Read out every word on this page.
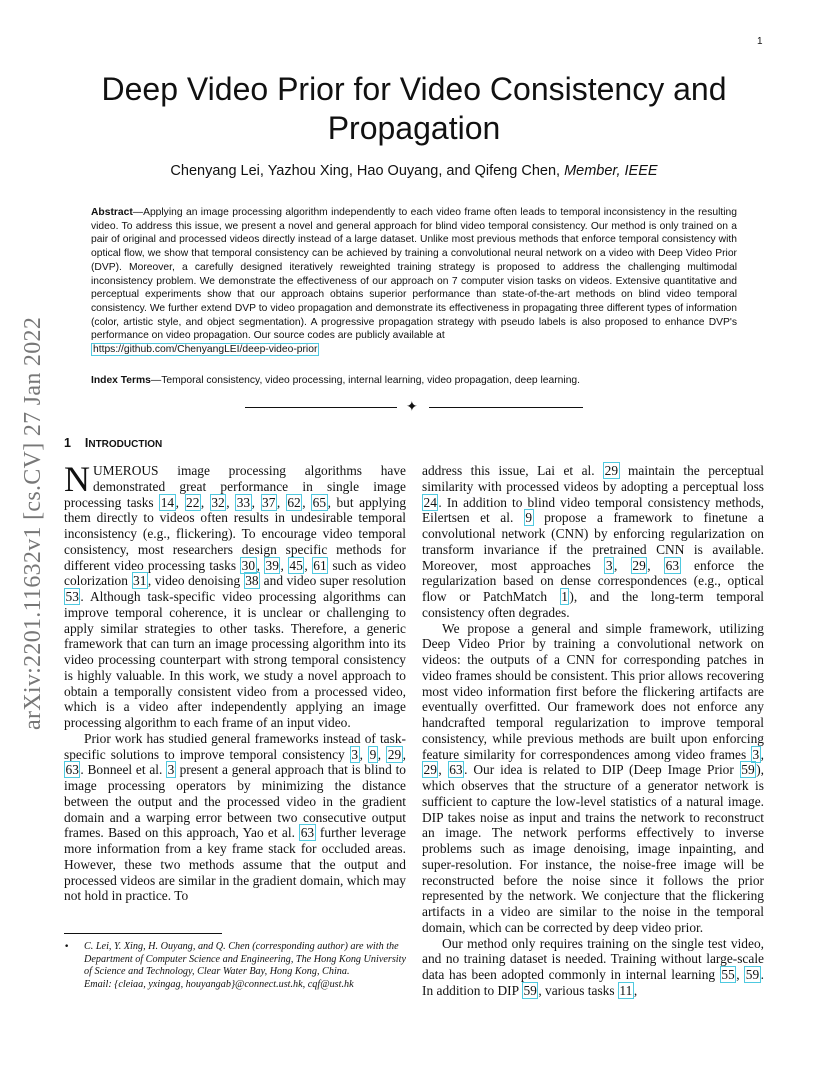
1
arXiv:2201.11632v1 [cs.CV] 27 Jan 2022
Deep Video Prior for Video Consistency and Propagation
Chenyang Lei, Yazhou Xing, Hao Ouyang, and Qifeng Chen, Member, IEEE
Abstract—Applying an image processing algorithm independently to each video frame often leads to temporal inconsistency in the resulting video. To address this issue, we present a novel and general approach for blind video temporal consistency. Our method is only trained on a pair of original and processed videos directly instead of a large dataset. Unlike most previous methods that enforce temporal consistency with optical flow, we show that temporal consistency can be achieved by training a convolutional neural network on a video with Deep Video Prior (DVP). Moreover, a carefully designed iteratively reweighted training strategy is proposed to address the challenging multimodal inconsistency problem. We demonstrate the effectiveness of our approach on 7 computer vision tasks on videos. Extensive quantitative and perceptual experiments show that our approach obtains superior performance than state-of-the-art methods on blind video temporal consistency. We further extend DVP to video propagation and demonstrate its effectiveness in propagating three different types of information (color, artistic style, and object segmentation). A progressive propagation strategy with pseudo labels is also proposed to enhance DVP's performance on video propagation. Our source codes are publicly available at
https://github.com/ChenyangLEI/deep-video-prior
Index Terms—Temporal consistency, video processing, internal learning, video propagation, deep learning.
✦
1 INTRODUCTION

NUMEROUS image processing algorithms have demonstrated great performance in single image processing tasks 14 , 22 , 32 , 33 , 37 , 62 , 65 , but applying them directly to videos often results in undesirable temporal inconsistency (e.g., flickering). To encourage video temporal consistency, most researchers design specific methods for different video processing tasks 30 , 39 , 45 , 61 such as video colorization 31 , video denoising 38 and video super resolution 53 . Although task-specific video processing algorithms can improve temporal coherence, it is unclear or challenging to apply similar strategies to other tasks. Therefore, a generic framework that can turn an image processing algorithm into its video processing counterpart with strong temporal consistency is highly valuable. In this work, we study a novel approach to obtain a temporally consistent video from a processed video, which is a video after independently applying an image processing algorithm to each frame of an input video.

Prior work has studied general frameworks instead of task-specific solutions to improve temporal consistency 3 , 9 , 29 , 63 . Bonneel et al. 3 present a general approach that is blind to image processing operators by minimizing the distance between the output and the processed video in the gradient domain and a warping error between two consecutive output frames. Based on this approach, Yao et al. 63 further leverage more information from a key frame stack for occluded areas. However, these two methods assume that the output and processed videos are similar in the gradient domain, which may not hold in practice. To

• C. Lei, Y. Xing, H. Ouyang, and Q. Chen (corresponding author) are with the Department of Computer Science and Engineering, The Hong Kong University of Science and Technology, Clear Water Bay, Hong Kong, China.
Email: {cleiaa, yxingag, houyangab}@connect.ust.hk, cqf@ust.hk

address this issue, Lai et al. 29 maintain the perceptual similarity with processed videos by adopting a perceptual loss 24 . In addition to blind video temporal consistency methods, Eilertsen et al. 9 propose a framework to finetune a convolutional network (CNN) by enforcing regularization on transform invariance if the pretrained CNN is available. Moreover, most approaches 3 , 29 , 63 enforce the regularization based on dense correspondences (e.g., optical flow or PatchMatch 1 ), and the long-term temporal consistency often degrades.

We propose a general and simple framework, utilizing Deep Video Prior by training a convolutional network on videos: the outputs of a CNN for corresponding patches in video frames should be consistent. This prior allows recovering most video information first before the flickering artifacts are eventually overfitted. Our framework does not enforce any handcrafted temporal regularization to improve temporal consistency, while previous methods are built upon enforcing feature similarity for correspondences among video frames 3 , 29 , 63 . Our idea is related to DIP (Deep Image Prior 59 ), which observes that the structure of a generator network is sufficient to capture the low-level statistics of a natural image. DIP takes noise as input and trains the network to reconstruct an image. The network performs effectively to inverse problems such as image denoising, image inpainting, and super-resolution. For instance, the noise-free image will be reconstructed before the noise since it follows the prior represented by the network. We conjecture that the flickering artifacts in a video are similar to the noise in the temporal domain, which can be corrected by deep video prior.

Our method only requires training on the single test video, and no training dataset is needed. Training without large-scale data has been adopted commonly in internal learning 55 , 59 . In addition to DIP 59 , various tasks 11 ,
